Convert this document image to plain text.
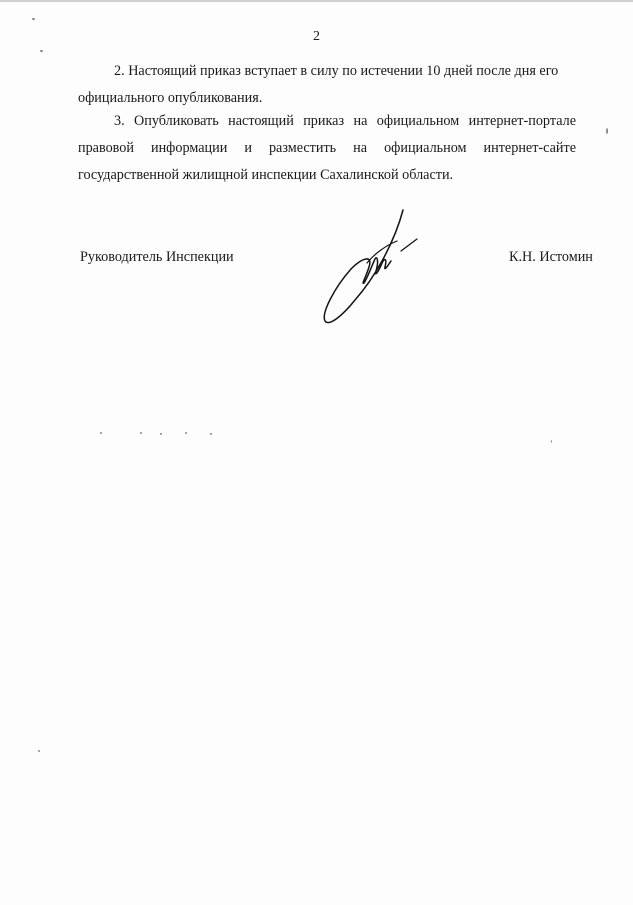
2

2. Настоящий приказ вступает в силу по истечении 10 дней после дня его официального опубликования.

3. Опубликовать настоящий приказ на официальном интернет-портале правовой информации и разместить на официальном интернет-сайте государственной жилищной инспекции Сахалинской области.

Руководитель Инспекции	К.Н. Истомин
